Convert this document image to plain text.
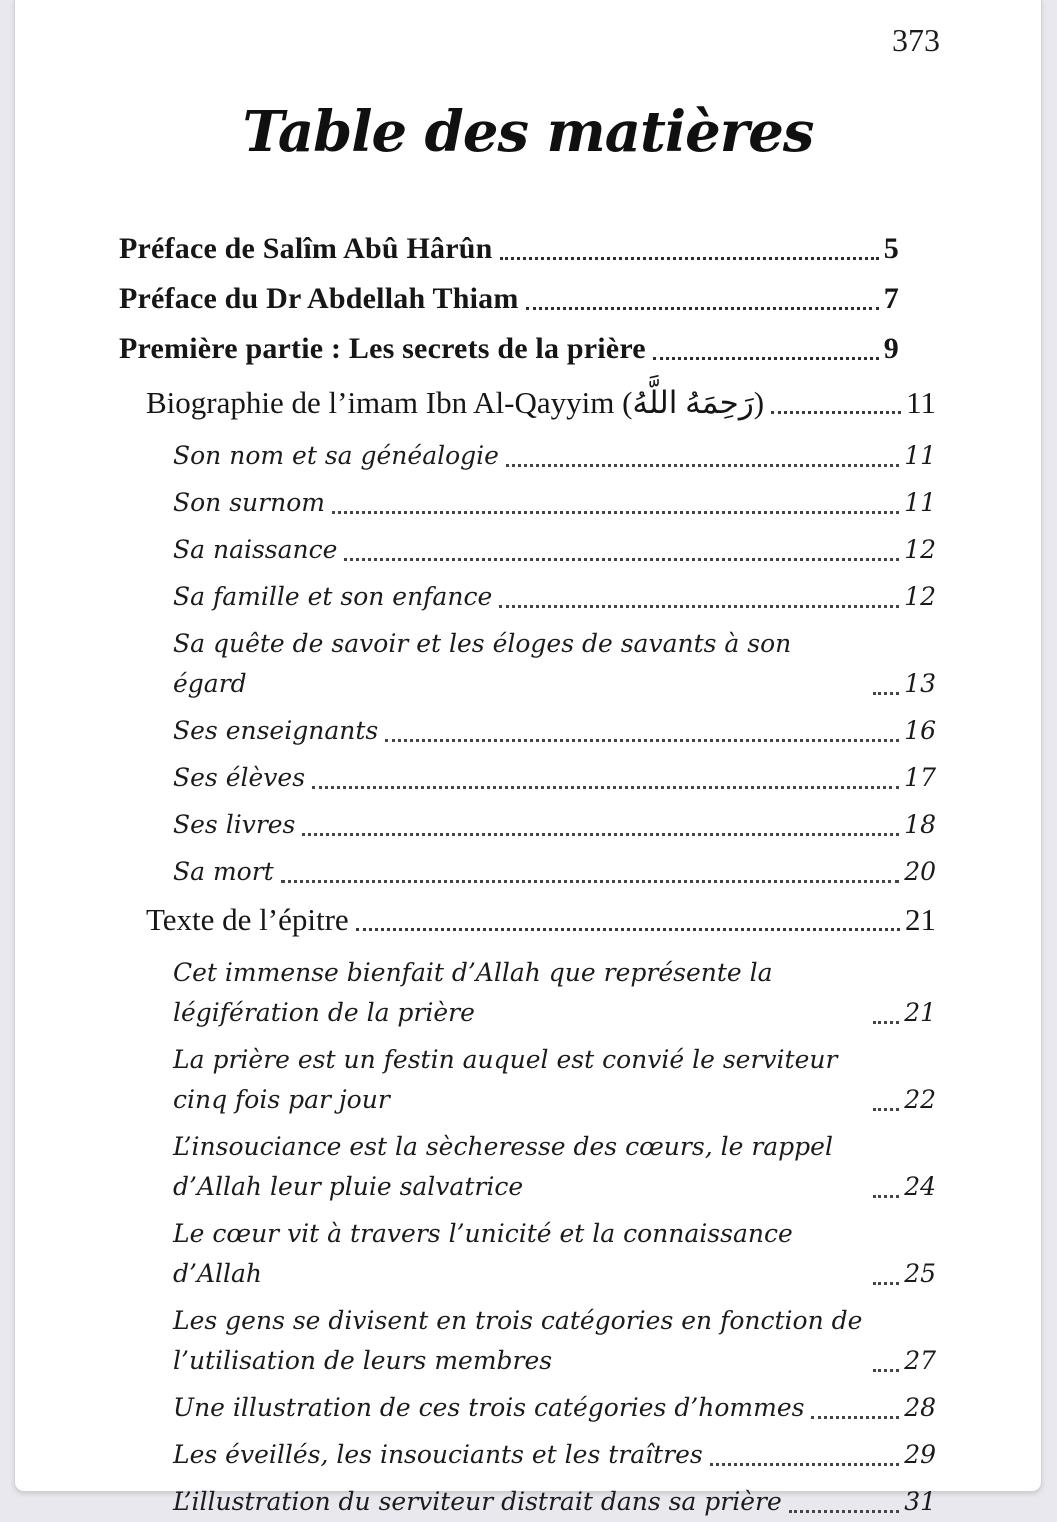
373
Table des matières
Préface de Salîm Abû Hârûn	5
Préface du Dr Abdellah Thiam	7
Première partie : Les secrets de la prière	9
Biographie de l’imam Ibn Al-Qayyim (رَحِمَهُ اللَّهُ)	11
Son nom et sa généalogie	11
Son surnom	11
Sa naissance	12
Sa famille et son enfance	12
Sa quête de savoir et les éloges de savants à son égard	13
Ses enseignants	16
Ses élèves	17
Ses livres	18
Sa mort	20
Texte de l’épitre	21
Cet immense bienfait d’Allah que représente la légifération de la prière	21
La prière est un festin auquel est convié le serviteur cinq fois par jour	22
L’insouciance est la sècheresse des cœurs, le rappel d’Allah leur pluie salvatrice	24
Le cœur vit à travers l’unicité et la connaissance d’Allah	25
Les gens se divisent en trois catégories en fonction de l’utilisation de leurs membres	27
Une illustration de ces trois catégories d’hommes	28
Les éveillés, les insouciants et les traîtres	29
L’illustration du serviteur distrait dans sa prière	31
